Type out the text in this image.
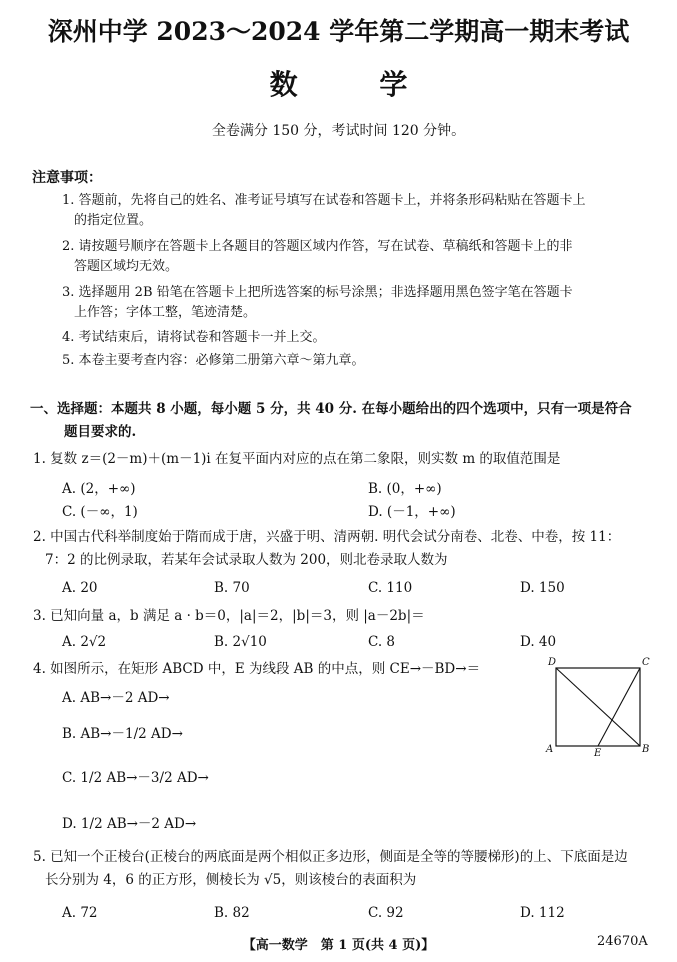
深州中学 2023～2024 学年第二学期高一期末考试
数 学
全卷满分 150 分，考试时间 120 分钟。
注意事项：
1. 答题前，先将自己的姓名、准考证号填写在试卷和答题卡上，并将条形码粘贴在答题卡上
的指定位置。
2. 请按题号顺序在答题卡上各题目的答题区域内作答，写在试卷、草稿纸和答题卡上的非
答题区域均无效。
3. 选择题用 2B 铅笔在答题卡上把所选答案的标号涂黑；非选择题用黑色签字笔在答题卡
上作答；字体工整，笔迹清楚。
4. 考试结束后，请将试卷和答题卡一并上交。
5. 本卷主要考查内容：必修第二册第六章～第九章。
一、选择题：本题共 8 小题，每小题 5 分，共 40 分. 在每小题给出的四个选项中，只有一项是符合
题目要求的.
1. 复数 z＝(2－m)＋(m－1)i 在复平面内对应的点在第二象限，则实数 m 的取值范围是
A. (2，+∞)	B. (0，+∞)
C. (－∞，1)	D. (－1，+∞)
2. 中国古代科举制度始于隋而成于唐，兴盛于明、清两朝. 明代会试分南卷、北卷、中卷，按 11：
7：2 的比例录取，若某年会试录取人数为 200，则北卷录取人数为
A. 20	B. 70	C. 110	D. 150
3. 已知向量 a，b 满足 a · b＝0，|a|＝2，|b|＝3，则 |a－2b|＝
A. 2√2	B. 2√10	C. 8	D. 40
4. 如图所示，在矩形 ABCD 中，E 为线段 AB 的中点，则 CE→－BD→＝
A. AB→－2 AD→
B. AB→－1/2 AD→
C. 1/2 AB→－3/2 AD→
D. 1/2 AB→－2 AD→
D	C
A	E	B
5. 已知一个正棱台(正棱台的两底面是两个相似正多边形，侧面是全等的等腰梯形)的上、下底面是边
长分别为 4，6 的正方形，侧棱长为 √5，则该棱台的表面积为
A. 72	B. 82	C. 92	D. 112
【高一数学　第 1 页(共 4 页)】	24670A
